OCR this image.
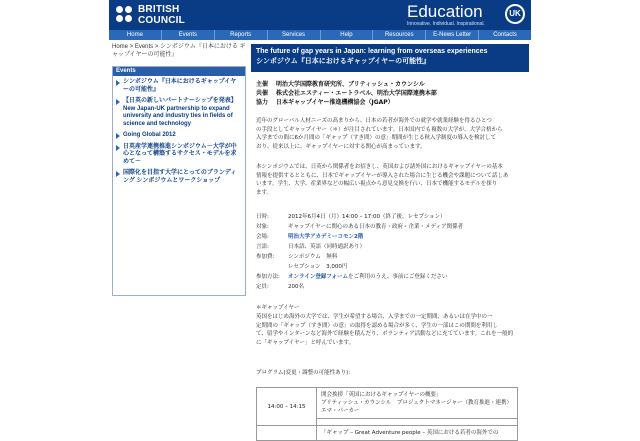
BRITISH
COUNCIL	Education	UK
Innovative. Individual. Inspirational.
Home	Events	Reports	Services	Help	Resources	E-News Letter	Contacts
Home > Events > シンポジウム『日本における ギャップイヤーの可能性』
Events
シンポジウム『日本におけるギャップイヤーの可能性』
【日英の新しいパートナーシップを発表】New Japan-UK partnership to expand university and industry ties in fields of science and technology
Going Global 2012
日英産学連携推進シンポジウム－大学が中心となって構築するサクセス・モデルを求めて－
国際化を目指す大学にとってのブランディング シンポジウムとワークショップ
The future of gap years in Japan: learning from overseas experiences
シンポジウム『日本におけるギャップイヤーの可能性』
主催 明治大学国際教育研究所、ブリティッシュ・カウンシル
共催 株式会社エスティー・エートラベル、明治大学国際連携本部
協力 日本ギャップイヤー推進機構協会（JGAP）
近年のグローバル人材ニーズの高まりから、日本の若者が海外での就学や就業経験を得るひとつ
の手段としてギャップイヤー（＊）が注目されています。日本国内でも複数の大学が、大学合格から
入学までの間に6か月間の「ギャップ（すき間）の意」期間が生じる秋入学制度の導入を検討して
おり、従来以上に、ギャップイヤーに対する関心が高まっています。
本シンポジウムでは、日英から関係者をお招きし、英国および諸外国におけるギャップイヤーの基本
情報を提供するとともに、日本でギャップイヤーが導入された場合に生じる機会や課題について話しあ
います。学生、大学、産業界などの幅広い視点から意見交換を行い、日本で機能するモデルを探り
ます。
日時:	2012年6月4日（月）14:00 – 17:00（終了後、レセプション）
対象:	ギャップイヤーに関心のある日本の教育・政府・企業・メディア関係者
会場:	明治大学アカデミーコモン2階
言語:	日本語、英語（同時通訳あり）
参加費: シンポジウム　無料
レセプション　3,000円
参加方法: オンライン登録フォームをご利用のうえ、事前にご登録ください
定員:	200名
＊ギャップイヤー
英国をはじめ海外の大学では、学生が希望する場合、入学までの一定期間、あるいは在学中の一
定期間の「ギャップ（すき間）の意」の取得を認める場合が多く、学生の一部はこの期間を利用し
て、留学やインターンなど海外で経験を積んだり、ボランティア活動などに充てています。これを一般的
に「ギャップイヤー」と呼んでいます。
プログラム(変更・調整の可能性あり)：
14:00 – 14:15	開会挨拶「英国におけるギャップイヤーの概要」
ブリティッシュ・カウンシル　プロジェクトマネージャー（教育推進・連携）
エマ・パーカー

	「ギャップ – Great Adventure people – 英国における若者の海外での
